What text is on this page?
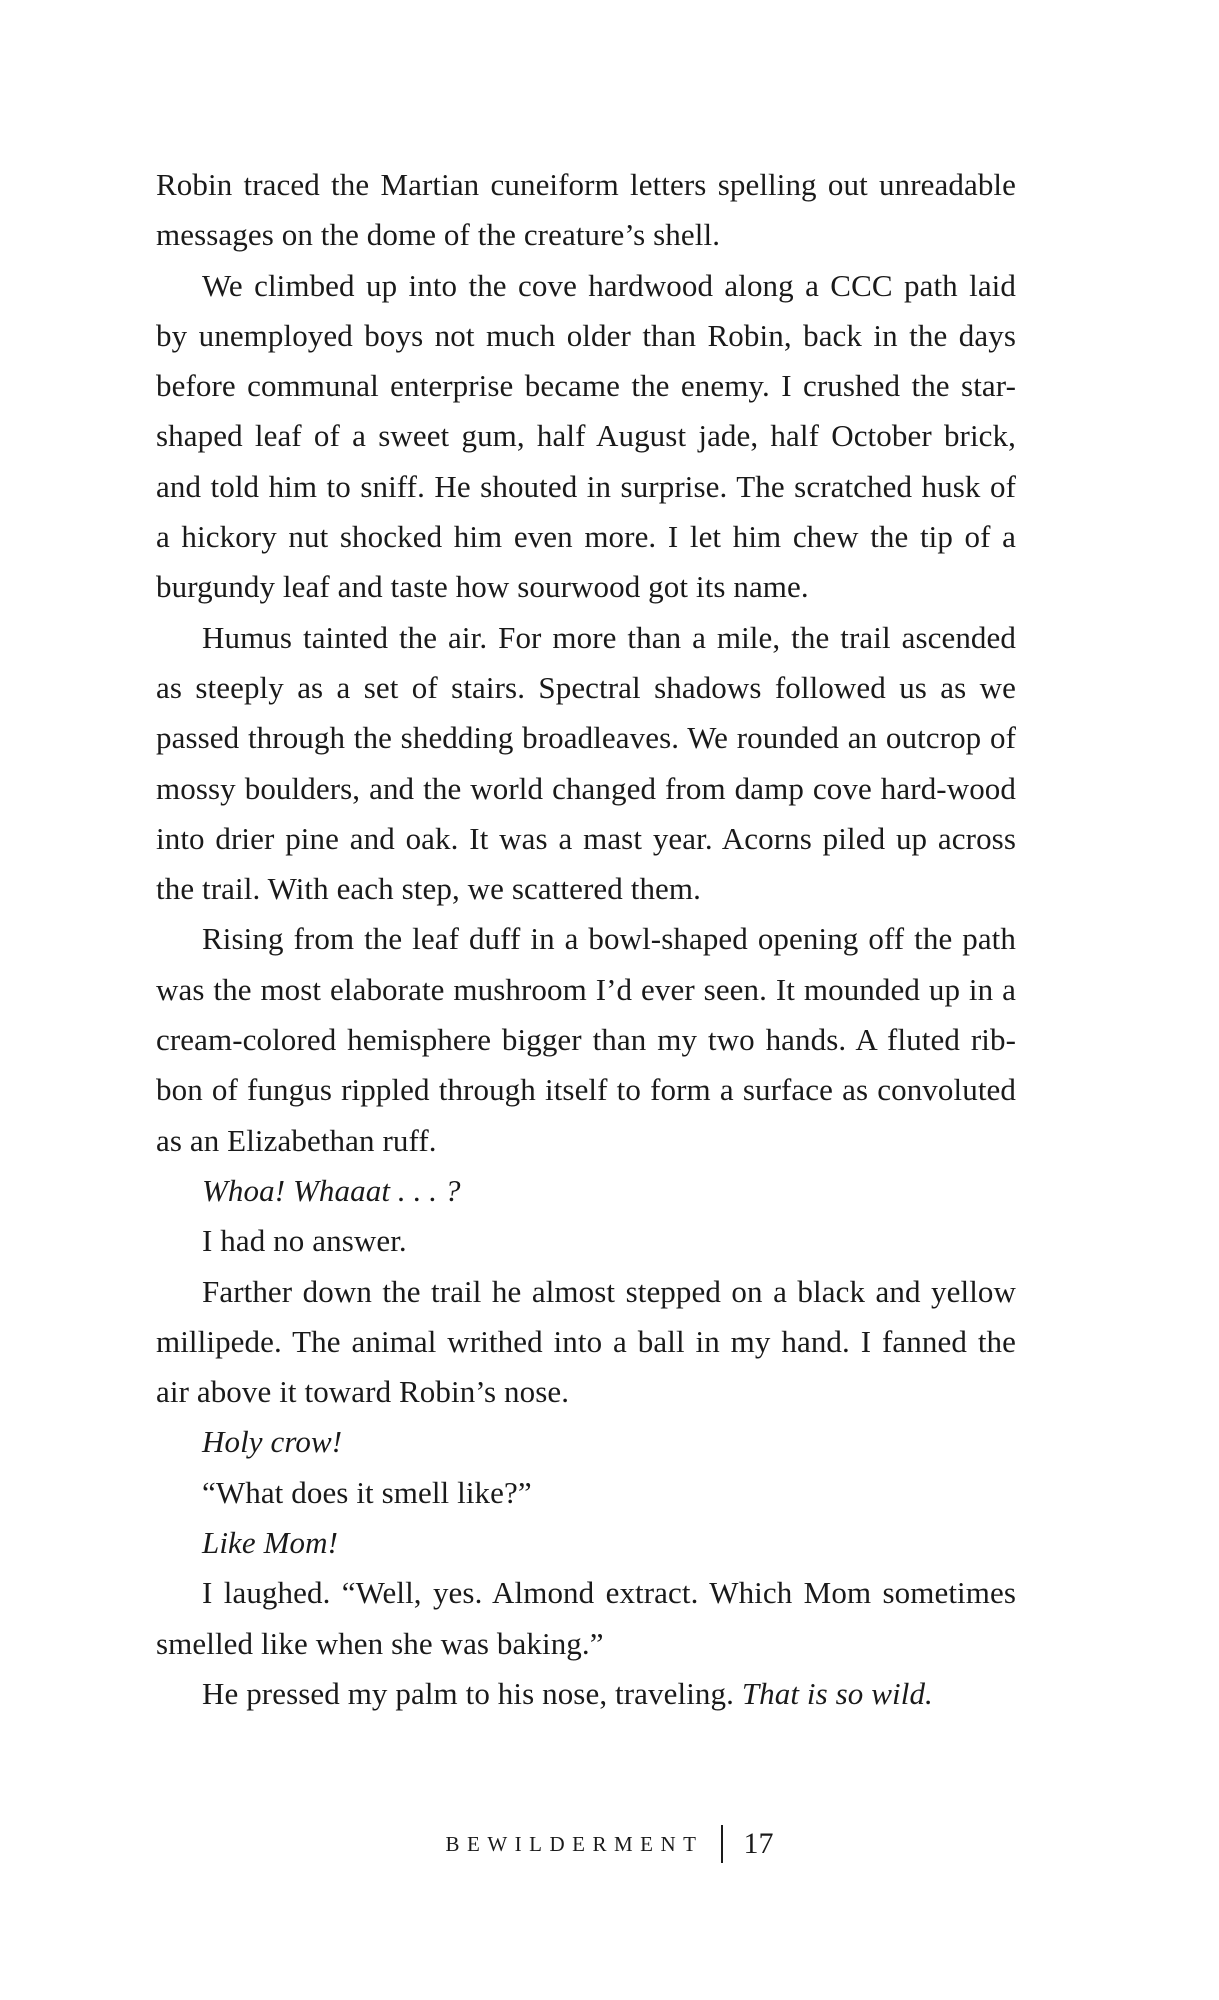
Robin traced the Martian cuneiform letters spelling out unreadable messages on the dome of the creature’s shell.

We climbed up into the cove hardwood along a CCC path laid by unemployed boys not much older than Robin, back in the days before communal enterprise became the enemy. I crushed the star-shaped leaf of a sweet gum, half August jade, half October brick, and told him to sniff. He shouted in surprise. The scratched husk of a hickory nut shocked him even more. I let him chew the tip of a burgundy leaf and taste how sourwood got its name.

Humus tainted the air. For more than a mile, the trail ascended as steeply as a set of stairs. Spectral shadows followed us as we passed through the shedding broadleaves. We rounded an outcrop of mossy boulders, and the world changed from damp cove hard-wood into drier pine and oak. It was a mast year. Acorns piled up across the trail. With each step, we scattered them.

Rising from the leaf duff in a bowl-shaped opening off the path was the most elaborate mushroom I’d ever seen. It mounded up in a cream-colored hemisphere bigger than my two hands. A fluted rib-bon of fungus rippled through itself to form a surface as convoluted as an Elizabethan ruff.

Whoa! Whaaat . . . ?

I had no answer.

Farther down the trail he almost stepped on a black and yellow millipede. The animal writhed into a ball in my hand. I fanned the air above it toward Robin’s nose.

Holy crow!

“What does it smell like?”

Like Mom!

I laughed. “Well, yes. Almond extract. Which Mom sometimes smelled like when she was baking.”

He pressed my palm to his nose, traveling. That is so wild.

BEWILDERMENT 17
